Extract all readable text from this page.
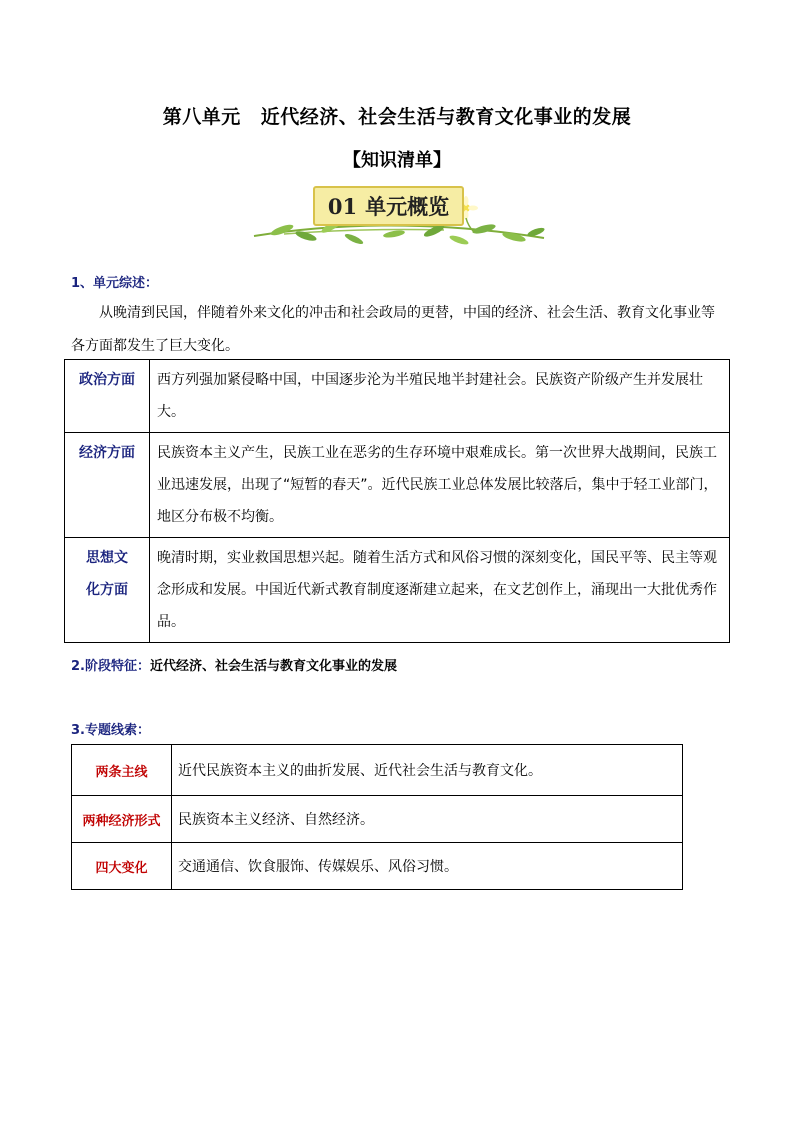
第八单元 近代经济、社会生活与教育文化事业的发展
【知识清单】
01 单元概览
1、单元综述：
从晚清到民国，伴随着外来文化的冲击和社会政局的更替，中国的经济、社会生活、教育文化事业等各方面都发生了巨大变化。
政治方面	西方列强加紧侵略中国，中国逐步沦为半殖民地半封建社会。民族资产阶级产生并发展壮大。
经济方面	民族资本主义产生，民族工业在恶劣的生存环境中艰难成长。第一次世界大战期间，民族工业迅速发展，出现了“短暂的春天”。近代民族工业总体发展比较落后，集中于轻工业部门，地区分布极不均衡。

思想文
化方面	晚清时期，实业救国思想兴起。随着生活方式和风俗习惯的深刻变化，国民平等、民主等观念形成和发展。中国近代新式教育制度逐渐建立起来，在文艺创作上，涌现出一大批优秀作品。
2.阶段特征：近代经济、社会生活与教育文化事业的发展
3.专题线索：
两条主线	近代民族资本主义的曲折发展、近代社会生活与教育文化。
两种经济形式	民族资本主义经济、自然经济。
四大变化	交通通信、饮食服饰、传媒娱乐、风俗习惯。
